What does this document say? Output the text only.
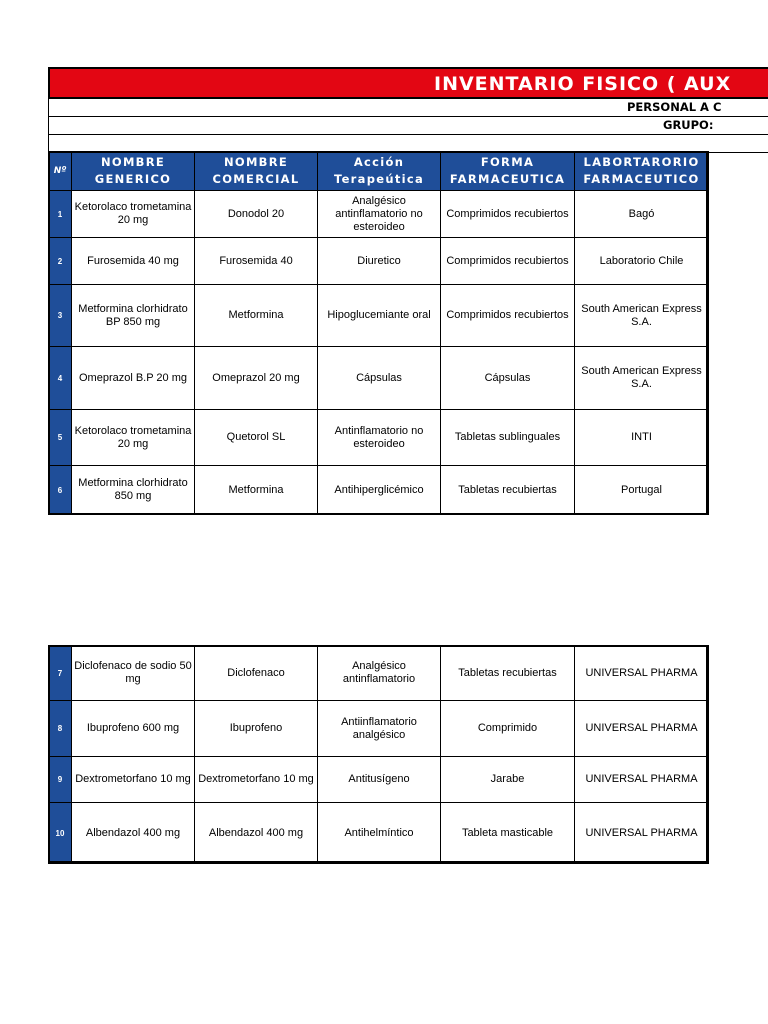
INVENTARIO FISICO ( AUX
PERSONAL A C
GRUPO:
Nº	NOMBRE GENERICO	NOMBRE COMERCIAL	Acción Terapeútica	FORMA FARMACEUTICA	LABORTARORIO FARMACEUTICO
1	Ketorolaco trometamina 20 mg	Donodol 20	Analgésico antinflamatorio no esteroideo	Comprimidos recubiertos	Bagó
2	Furosemida 40 mg	Furosemida 40	Diuretico	Comprimidos recubiertos	Laboratorio Chile
3	Metformina clorhidrato BP 850 mg	Metformina	Hipoglucemiante oral	Comprimidos recubiertos	South American Express S.A.
4	Omeprazol B.P 20 mg	Omeprazol 20 mg	Cápsulas	Cápsulas	South American Express S.A.
5	Ketorolaco trometamina 20 mg	Quetorol SL	Antinflamatorio no esteroideo	Tabletas sublinguales	INTI
6	Metformina clorhidrato 850 mg	Metformina	Antihiperglicémico	Tabletas recubiertas	Portugal
7	Diclofenaco de sodio 50 mg	Diclofenaco	Analgésico antinflamatorio	Tabletas recubiertas	UNIVERSAL PHARMA
8	Ibuprofeno 600 mg	Ibuprofeno	Antiinflamatorio analgésico	Comprimido	UNIVERSAL PHARMA
9	Dextrometorfano 10 mg	Dextrometorfano 10 mg	Antitusígeno	Jarabe	UNIVERSAL PHARMA
10	Albendazol 400 mg	Albendazol 400 mg	Antihelmíntico	Tableta masticable	UNIVERSAL PHARMA
